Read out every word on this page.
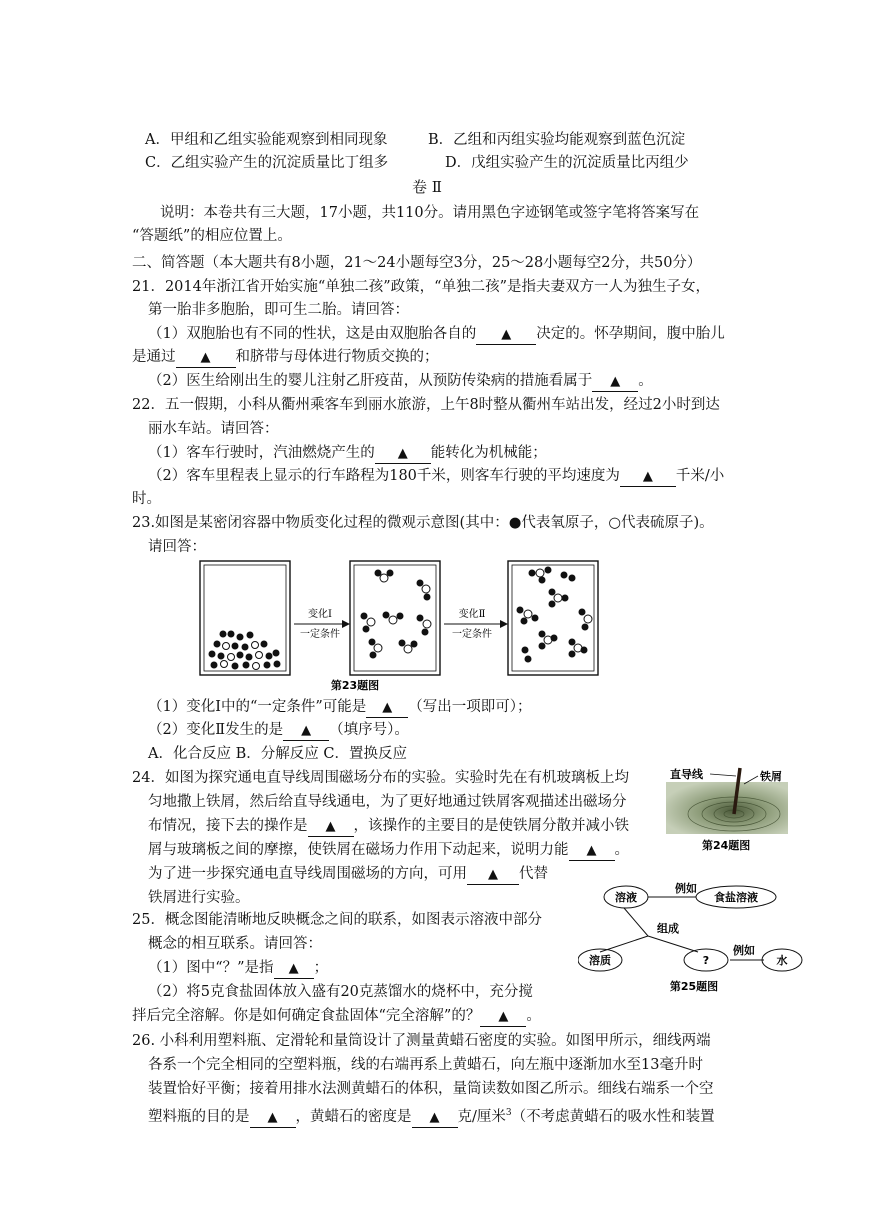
A．甲组和乙组实验能观察到相同现象	B．乙组和丙组实验均能观察到蓝色沉淀
C．乙组实验产生的沉淀质量比丁组多	D．戊组实验产生的沉淀质量比丙组少
卷 Ⅱ
说明：本卷共有三大题，17小题，共110分。请用黑色字迹钢笔或签字笔将答案写在
“答题纸”的相应位置上。
二、简答题（本大题共有8小题，21～24小题每空3分，25～28小题每空2分，共50分）
21．2014年浙江省开始实施“单独二孩”政策，“单独二孩”是指夫妻双方一人为独生子女，
第一胎非多胞胎，即可生二胎。请回答：
（1）双胞胎也有不同的性状，这是由双胞胎各自的 ▲ 决定的。怀孕期间，腹中胎儿
是通过 ▲ 和脐带与母体进行物质交换的；
（2）医生给刚出生的婴儿注射乙肝疫苗，从预防传染病的措施看属于 ▲ 。
22．五一假期，小科从衢州乘客车到丽水旅游，上午8时整从衢州车站出发，经过2小时到达
丽水车站。请回答：
（1）客车行驶时，汽油燃烧产生的 ▲ 能转化为机械能；
（2）客车里程表上显示的行车路程为180千米，则客车行驶的平均速度为 ▲ 千米/小
时。
23.如图是某密闭容器中物质变化过程的微观示意图(其中：●代表氧原子，○代表硫原子)。
请回答：
变化Ⅰ
一定条件
变化Ⅱ
一定条件
第23题图
（1）变化Ⅰ中的“一定条件”可能是 ▲ （写出一项即可）；
（2）变化Ⅱ发生的是 ▲ （填序号）。
A．化合反应 B．分解反应 C．置换反应
24．如图为探究通电直导线周围磁场分布的实验。实验时先在有机玻璃板上均
匀地撒上铁屑，然后给直导线通电，为了更好地通过铁屑客观描述出磁场分
布情况，接下去的操作是 ▲ ，该操作的主要目的是使铁屑分散并减小铁
屑与玻璃板之间的摩擦，使铁屑在磁场力作用下动起来，说明力能 ▲ 。
为了进一步探究通电直导线周围磁场的方向，可用 ▲ 代替
铁屑进行实验。
直导线	铁屑
第24题图
25．概念图能清晰地反映概念之间的联系，如图表示溶液中部分
概念的相互联系。请回答：
（1）图中“？”是指 ▲ ；
（2）将5克食盐固体放入盛有20克蒸馏水的烧杯中，充分搅
拌后完全溶解。你是如何确定食盐固体“完全溶解”的？ ▲ 。
溶液	食盐溶液
溶质	?	水
例如
组成
例如
第25题图
26. 小科利用塑料瓶、定滑轮和量筒设计了测量黄蜡石密度的实验。如图甲所示，细线两端
各系一个完全相同的空塑料瓶，线的右端再系上黄蜡石，向左瓶中逐渐加水至13毫升时
装置恰好平衡；接着用排水法测黄蜡石的体积，量筒读数如图乙所示。细线右端系一个空
塑料瓶的目的是 ▲ ，黄蜡石的密度是 ▲ 克/厘米$^3$（不考虑黄蜡石的吸水性和装置
